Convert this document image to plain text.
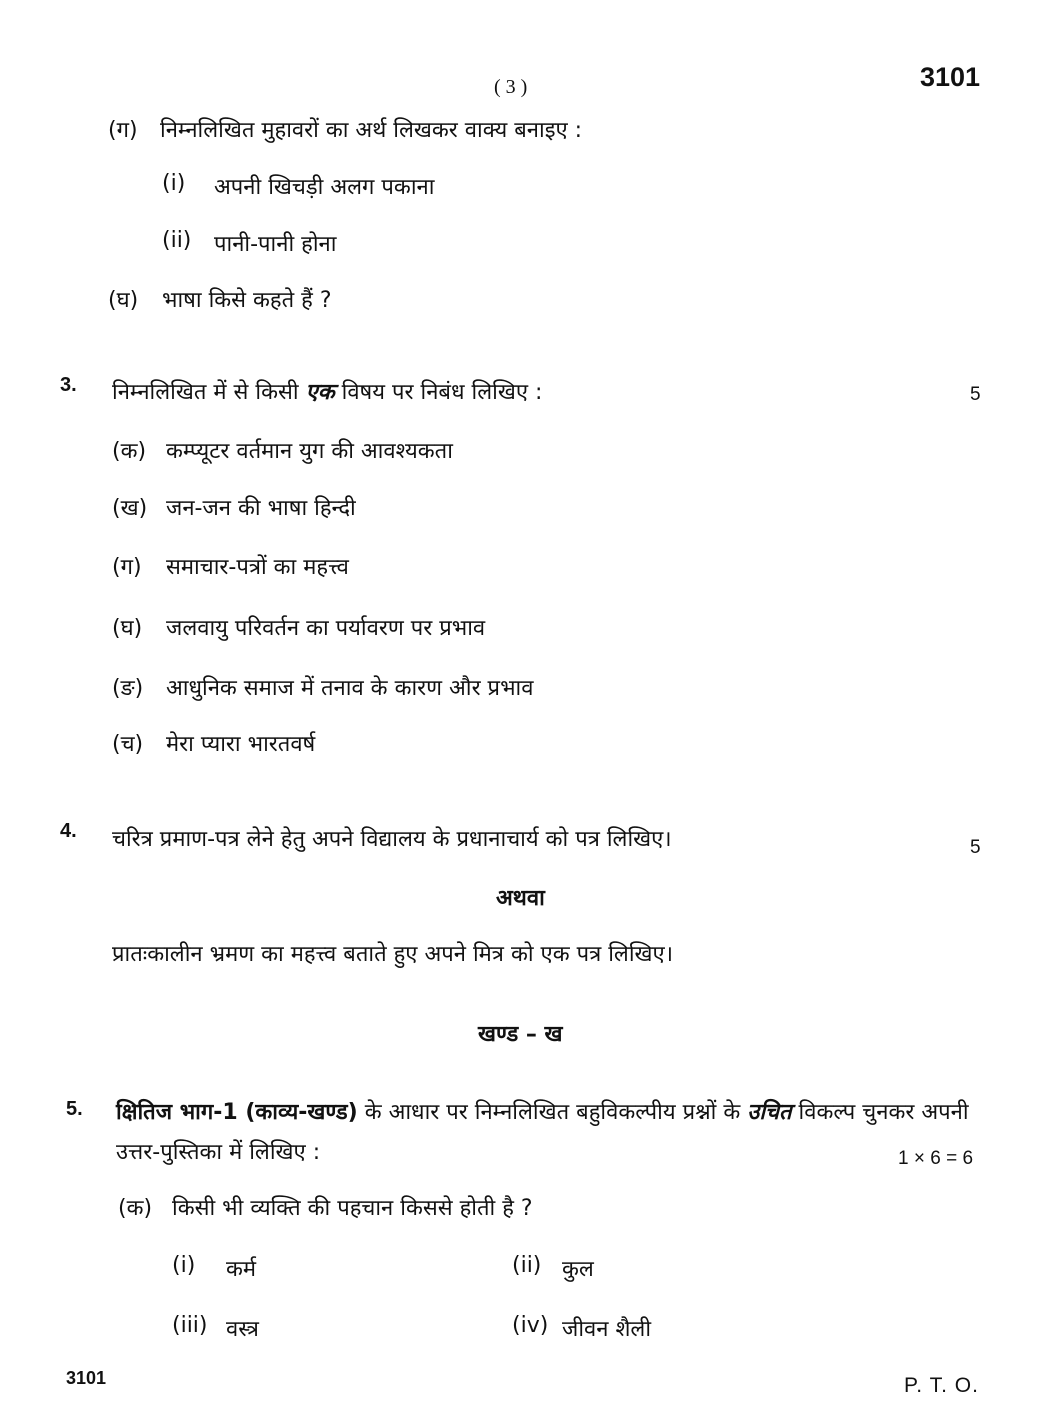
( 3 )	3101
(ग) निम्नलिखित मुहावरों का अर्थ लिखकर वाक्य बनाइए :
(i) अपनी खिचड़ी अलग पकाना
(ii) पानी-पानी होना
(घ) भाषा किसे कहते हैं ?
3. निम्नलिखित में से किसी एक विषय पर निबंध लिखिए :	5
(क) कम्प्यूटर वर्तमान युग की आवश्यकता
(ख) जन-जन की भाषा हिन्दी
(ग) समाचार-पत्रों का महत्त्व
(घ) जलवायु परिवर्तन का पर्यावरण पर प्रभाव
(ङ) आधुनिक समाज में तनाव के कारण और प्रभाव
(च) मेरा प्यारा भारतवर्ष
4. चरित्र प्रमाण-पत्र लेने हेतु अपने विद्यालय के प्रधानाचार्य को पत्र लिखिए।	5
अथवा
प्रातःकालीन भ्रमण का महत्त्व बताते हुए अपने मित्र को एक पत्र लिखिए।
खण्ड – ख
5. क्षितिज भाग-1 (काव्य-खण्ड) के आधार पर निम्नलिखित बहुविकल्पीय प्रश्नों के उचित विकल्प चुनकर अपनी
उत्तर-पुस्तिका में लिखिए :	1 × 6 = 6
(क) किसी भी व्यक्ति की पहचान किससे होती है ?
(i) कर्म	(ii) कुल
(iii) वस्त्र	(iv) जीवन शैली
3101	P. T. O.
